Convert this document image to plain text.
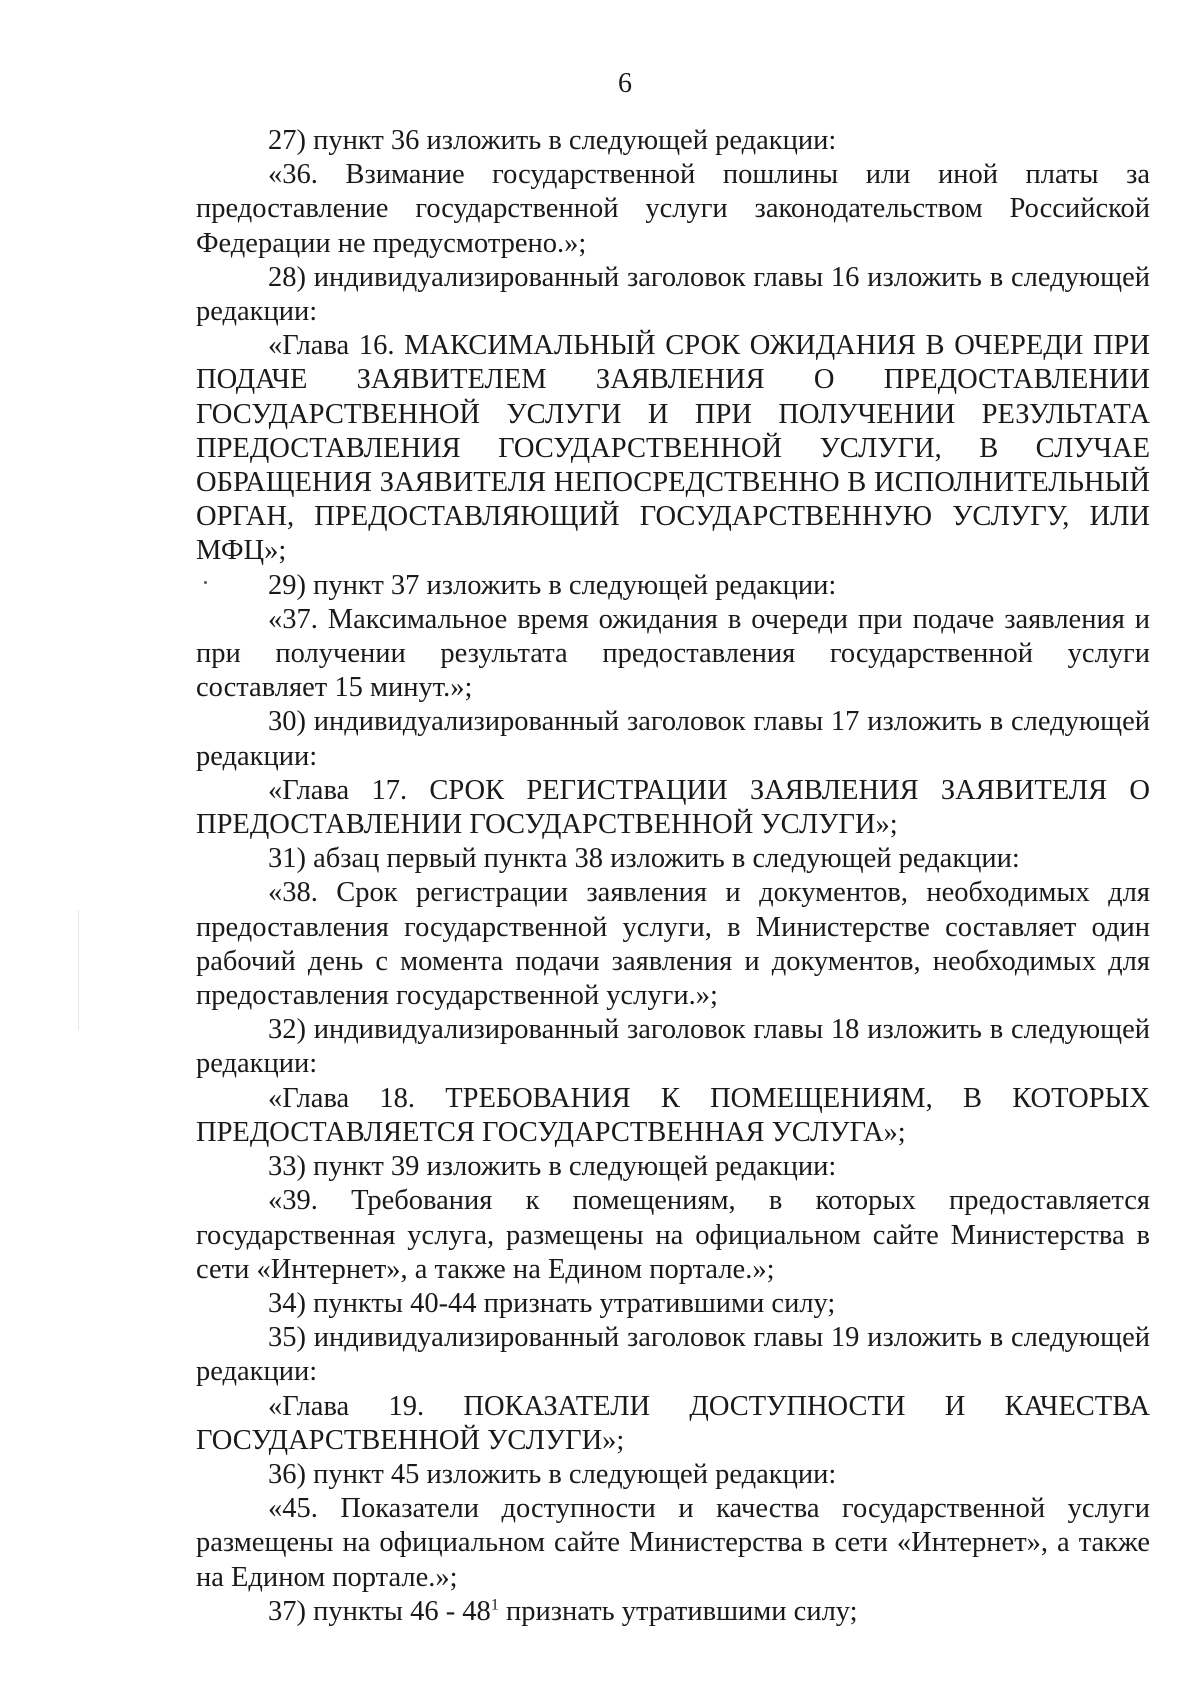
6

27) пункт 36 изложить в следующей редакции:

«36. Взимание государственной пошлины или иной платы за предоставление государственной услуги законодательством Российской Федерации не предусмотрено.»;

28) индивидуализированный заголовок главы 16 изложить в следующей редакции:

«Глава 16. МАКСИМАЛЬНЫЙ СРОК ОЖИДАНИЯ В ОЧЕРЕДИ ПРИ ПОДАЧЕ ЗАЯВИТЕЛЕМ ЗАЯВЛЕНИЯ О ПРЕДОСТАВЛЕНИИ ГОСУДАРСТВЕННОЙ УСЛУГИ И ПРИ ПОЛУЧЕНИИ РЕЗУЛЬТАТА ПРЕДОСТАВЛЕНИЯ ГОСУДАРСТВЕННОЙ УСЛУГИ, В СЛУЧАЕ ОБРАЩЕНИЯ ЗАЯВИТЕЛЯ НЕПОСРЕДСТВЕННО В ИСПОЛНИТЕЛЬНЫЙ ОРГАН, ПРЕДОСТАВЛЯЮЩИЙ ГОСУДАРСТВЕННУЮ УСЛУГУ, ИЛИ МФЦ»;

29) пункт 37 изложить в следующей редакции:

«37. Максимальное время ожидания в очереди при подаче заявления и при получении результата предоставления государственной услуги составляет 15 минут.»;

30) индивидуализированный заголовок главы 17 изложить в следующей редакции:

«Глава 17. СРОК РЕГИСТРАЦИИ ЗАЯВЛЕНИЯ ЗАЯВИТЕЛЯ О ПРЕДОСТАВЛЕНИИ ГОСУДАРСТВЕННОЙ УСЛУГИ»;

31) абзац первый пункта 38 изложить в следующей редакции:

«38. Срок регистрации заявления и документов, необходимых для предоставления государственной услуги, в Министерстве составляет один рабочий день с момента подачи заявления и документов, необходимых для предоставления государственной услуги.»;

32) индивидуализированный заголовок главы 18 изложить в следующей редакции:

«Глава 18. ТРЕБОВАНИЯ К ПОМЕЩЕНИЯМ, В КОТОРЫХ ПРЕДОСТАВЛЯЕТСЯ ГОСУДАРСТВЕННАЯ УСЛУГА»;

33) пункт 39 изложить в следующей редакции:

«39. Требования к помещениям, в которых предоставляется государственная услуга, размещены на официальном сайте Министерства в сети «Интернет», а также на Едином портале.»;

34) пункты 40-44 признать утратившими силу;

35) индивидуализированный заголовок главы 19 изложить в следующей редакции:

«Глава 19. ПОКАЗАТЕЛИ ДОСТУПНОСТИ И КАЧЕСТВА ГОСУДАРСТВЕННОЙ УСЛУГИ»;

36) пункт 45 изложить в следующей редакции:

«45. Показатели доступности и качества государственной услуги размещены на официальном сайте Министерства в сети «Интернет», а также на Едином портале.»;

37) пункты $46 - 48^1$ признать утратившими силу;
